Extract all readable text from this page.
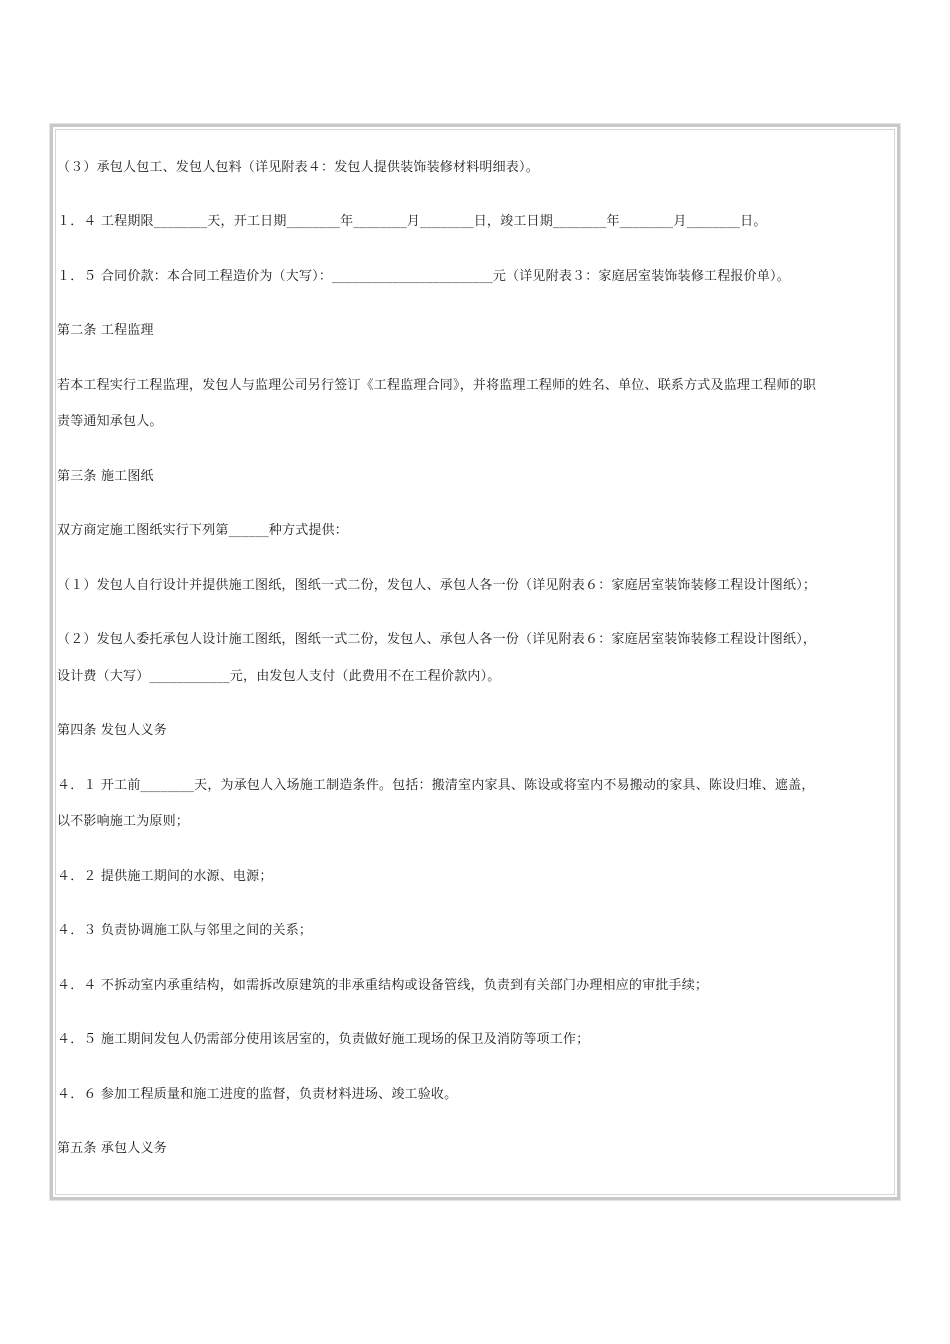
（３）承包人包工、发包人包料（详见附表４：发包人提供装饰装修材料明细表）。
１．４ 工程期限________天，开工日期________年________月________日，竣工日期________年________月________日。
１．５ 合同价款：本合同工程造价为（大写）：________________________元（详见附表３：家庭居室装饰装修工程报价单）。
第二条 工程监理
若本工程实行工程监理，发包人与监理公司另行签订《工程监理合同》，并将监理工程师的姓名、单位、联系方式及监理工程师的职
责等通知承包人。
第三条 施工图纸
双方商定施工图纸实行下列第______种方式提供：
（１）发包人自行设计并提供施工图纸，图纸一式二份，发包人、承包人各一份（详见附表６：家庭居室装饰装修工程设计图纸）；
（２）发包人委托承包人设计施工图纸，图纸一式二份，发包人、承包人各一份（详见附表６：家庭居室装饰装修工程设计图纸），
设计费（大写）____________元，由发包人支付（此费用不在工程价款内）。
第四条 发包人义务
４．１ 开工前________天，为承包人入场施工制造条件。包括：搬清室内家具、陈设或将室内不易搬动的家具、陈设归堆、遮盖，
以不影响施工为原则；
４．２ 提供施工期间的水源、电源；
４．３ 负责协调施工队与邻里之间的关系；
４．４ 不拆动室内承重结构，如需拆改原建筑的非承重结构或设备管线，负责到有关部门办理相应的审批手续；
４．５ 施工期间发包人仍需部分使用该居室的，负责做好施工现场的保卫及消防等项工作；
４．６ 参加工程质量和施工进度的监督，负责材料进场、竣工验收。
第五条 承包人义务
